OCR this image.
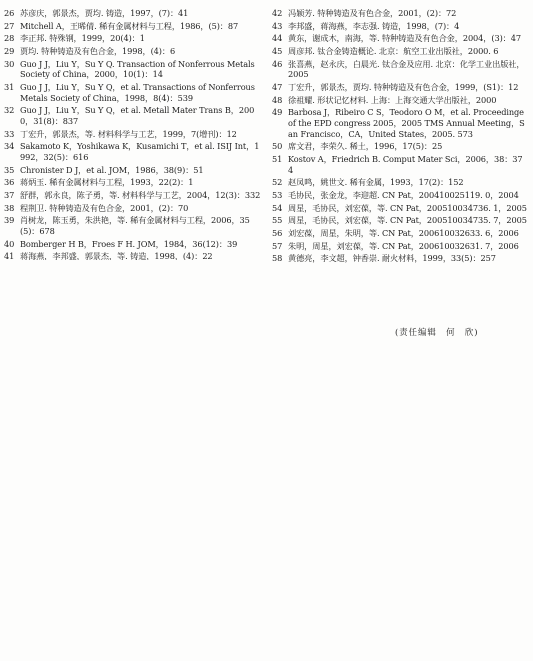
26 苏彦庆，郭景杰，贾均. 铸造，1997，(7)：41
27 Mitchell A，王晞倩. 稀有金属材料与工程，1986，(5)：87
28 李正邦. 特殊钢，1999，20(4)：1
29 贾均. 特种铸造及有色合金，1998，(4)：6
30 Guo J J，Liu Y，Su Y Q. Transaction of Nonferrous Metals Society of China，2000，10(1)：14
31 Guo J J，Liu Y，Su Y Q，et al. Transactions of Nonferrous Metals Society of China，1998，8(4)：539
32 Guo J J，Liu Y，Su Y Q，et al. Metall Mater Trans B，2000，31(8)：837
33 丁宏升，郭景杰，等. 材料科学与工艺，1999，7(增刊)：12
34 Sakamoto K，Yoshikawa K，Kusamichi T，et al. ISIJ Int，1992，32(5)：616
35 Chronister D J，et al. JOM，1986，38(9)：51
36 蒋炳玉. 稀有金属材料与工程，1993，22(2)：1
37 舒群，郭永良，陈子勇，等. 材料科学与工艺，2004，12(3)：332
38 程荆卫. 特种铸造及有色合金，2001，(2)：70
39 肖树龙，陈玉勇，朱洪艳，等. 稀有金属材料与工程，2006，35(5)：678
40 Bomberger H B，Froes F H. JOM，1984，36(12)：39
41 蒋海燕，李邦盛，郭景杰，等. 铸造，1998，(4)：22
42 冯颖芳. 特种铸造及有色合金，2001，(2)：72
43 李邦盛，蒋海燕，李志强. 铸造，1998，(7)：4
44 黄东，谢成木，南海，等. 特种铸造及有色合金，2004，(3)：47
45 周彦邦. 钛合金铸造概论. 北京：航空工业出版社，2000. 6
46 张喜燕，赵永庆，白晨光. 钛合金及应用. 北京：化学工业出版社，2005
47 丁宏升，郭景杰，贾均. 特种铸造及有色合金，1999，(S1)：12
48 徐祖耀. 形状记忆材料. 上海：上海交通大学出版社，2000
49 Barbosa J，Ribeiro C S，Teodoro O M，et al. Proceedinge of the EPD congress 2005，2005 TMS Annual Meeting，San Francisco，CA，United States，2005. 573
50 席文君，李荣久. 稀土，1996，17(5)：25
51 Kostov A，Friedrich B. Comput Mater Sci，2006，38：374
52 赵凤鸣，姚世文. 稀有金属，1993，17(2)：152
53 毛协民，张金龙，李迎超. CN Pat，200410025119. 0，2004
54 周星，毛协民，刘宏葆，等. CN Pat，200510034736. 1，2005
55 周星，毛协民，刘宏葆，等. CN Pat，200510034735. 7，2005
56 刘宏葆，周星，朱明，等. CN Pat，200610032633. 6，2006
57 朱明，周星，刘宏葆，等. CN Pat，200610032631. 7，2006
58 黄德亮，李文超，钟香崇. 耐火材料，1999，33(5)：257
(责任编辑　何　欣)
